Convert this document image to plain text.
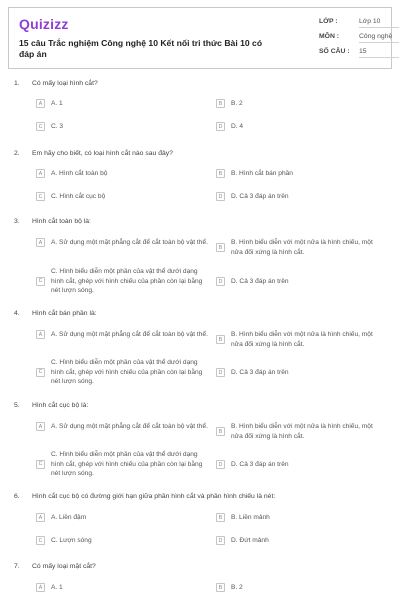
Quizizz
15 câu Trắc nghiệm Công nghệ 10 Kết nối tri thức Bài 10 có đáp án
LỚP :	Lớp 10
MÔN :	Công nghệ
SỐ CÂU :	15
1. Có mấy loại hình cắt?
A	A. 1	B	B. 2
C	C. 3	D	D. 4
2. Em hãy cho biết, có loại hình cắt nào sau đây?
A	A. Hình cắt toàn bộ	B	B. Hình cắt bán phần
C	C. Hình cắt cục bộ	D	D. Cả 3 đáp án trên
3. Hình cắt toàn bộ là:
A	A. Sử dụng một mặt phẳng cắt để cắt toàn bộ vật thể.
B
B. Hình biểu diễn với một nửa là hình chiếu, một nửa đối xứng là hình cắt.
C
C. Hình biểu diễn một phần của vật thể dưới dạng hình cắt, ghép với hình chiếu của phần còn lại bằng nét lượn sóng.
D	D. Cả 3 đáp án trên
4. Hình cắt bán phần là:
A	A. Sử dụng một mặt phẳng cắt để cắt toàn bộ vật thể.
B
B. Hình biểu diễn với một nửa là hình chiếu, một nửa đối xứng là hình cắt.
C
C. Hình biểu diễn một phần của vật thể dưới dạng hình cắt, ghép với hình chiếu của phần còn lại bằng nét lượn sóng.
D	D. Cả 3 đáp án trên
5. Hình cắt cục bộ là:
A	A. Sử dụng một mặt phẳng cắt để cắt toàn bộ vật thể.
B
B. Hình biểu diễn với một nửa là hình chiếu, một nửa đối xứng là hình cắt.
C
C. Hình biểu diễn một phần của vật thể dưới dạng hình cắt, ghép với hình chiếu của phần còn lại bằng nét lượn sóng.
D	D. Cả 3 đáp án trên
6. Hình cắt cục bộ có đường giới hạn giữa phần hình cắt và phần hình chiếu là nét:
A	A. Liền đậm	B	B. Liền mảnh
C	C. Lượn sóng	D	D. Đứt mảnh
7. Có mấy loại mặt cắt?
A	A. 1	B	B. 2
